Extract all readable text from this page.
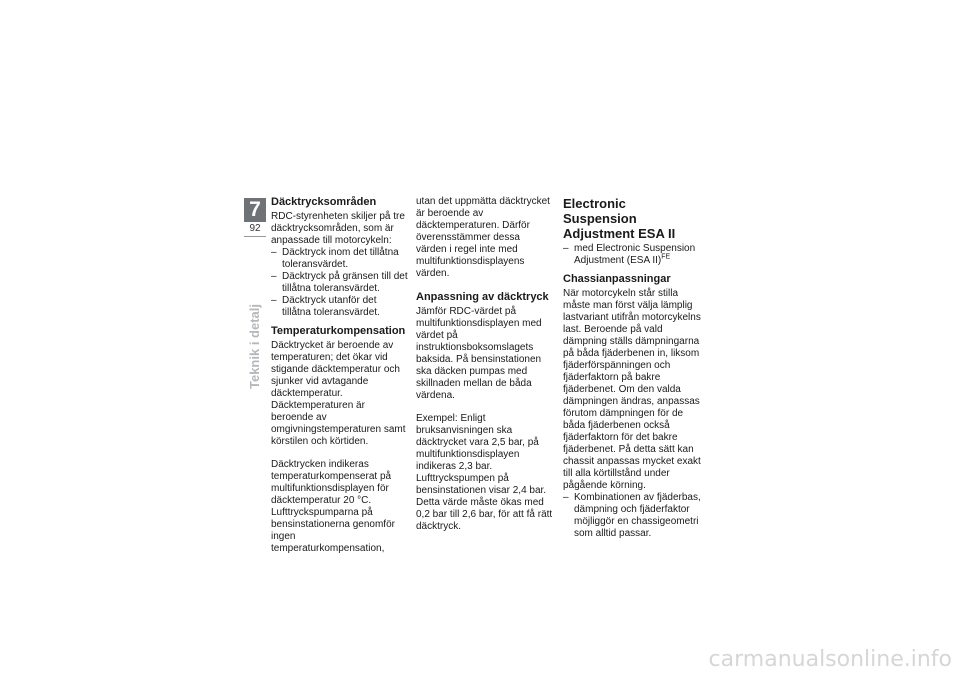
7
92
Teknik i detalj
Däcktrycksområden

RDC-styrenheten skiljer på tre däcktrycksområden, som är anpassade till motorcykeln:

– Däcktryck inom det tillåtna toleransvärdet.
– Däcktryck på gränsen till det tillåtna toleransvärdet.
– Däcktryck utanför det tillåtna toleransvärdet.
Temperaturkompensation

Däcktrycket är beroende av temperaturen; det ökar vid stigande däcktemperatur och sjunker vid avtagande däcktemperatur. Däcktemperaturen är beroende av omgivningstemperaturen samt körstilen och körtiden.

Däcktrycken indikeras temperaturkompenserat på multifunktionsdisplayen för däcktemperatur 20 °C. Lufttryckspumparna på bensinstationerna genomför ingen temperaturkompensation,

utan det uppmätta däcktrycket är beroende av däcktemperaturen. Därför överensstämmer dessa värden i regel inte med multifunktionsdisplayens värden.

Anpassning av däcktryck

Jämför RDC-värdet på multifunktionsdisplayen med värdet på instruktionsboksomslagets baksida. På bensinstationen ska däcken pumpas med skillnaden mellan de båda värdena.

Exempel: Enligt bruksanvisningen ska däcktrycket vara 2,5 bar, på multifunktionsdisplayen indikeras 2,3 bar. Lufttryckspumpen på bensinstationen visar 2,4 bar. Detta värde måste ökas med 0,2 bar till 2,6 bar, för att få rätt däcktryck.

Electronic Suspension Adjustment ESA II
– med Electronic Suspension Adjustment (ESA II)$^{FE}$
Chassianpassningar

När motorcykeln står stilla måste man först välja lämplig lastvariant utifrån motorcykelns last. Beroende på vald dämpning ställs dämpningarna på båda fjäderbenen in, liksom fjäderförspänningen och fjäderfaktorn på bakre fjäderbenet. Om den valda dämpningen ändras, anpassas förutom dämpningen för de båda fjäderbenen också fjäderfaktorn för det bakre fjäderbenet. På detta sätt kan chassit anpassas mycket exakt till alla körtillstånd under pågående körning.

– Kombinationen av fjäderbas, dämpning och fjäderfaktor möjliggör en chassigeometri som alltid passar.
carmanualsonline.info
